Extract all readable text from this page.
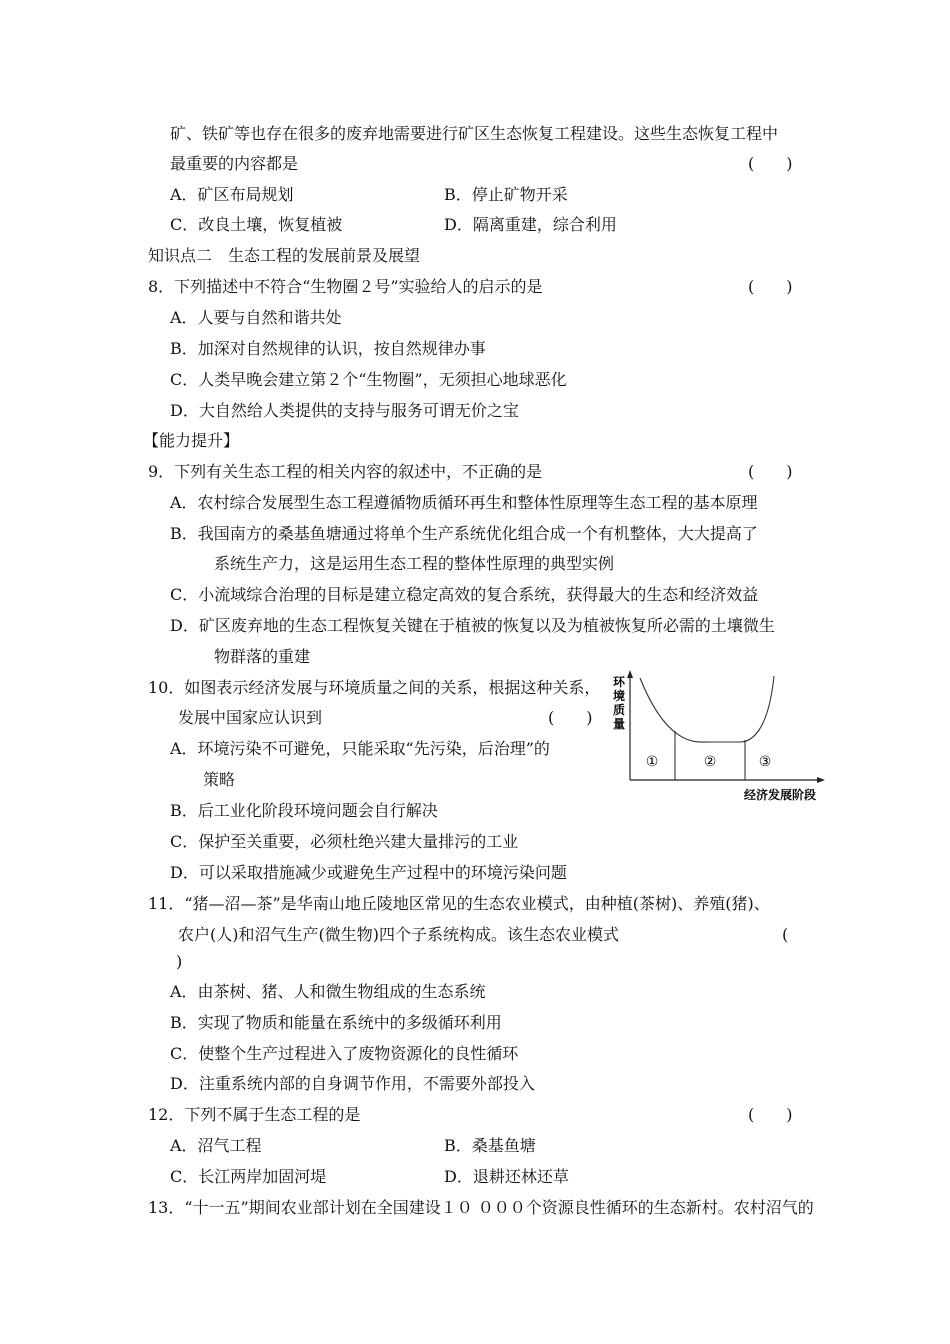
矿、铁矿等也存在很多的废弃地需要进行矿区生态恢复工程建设。这些生态恢复工程中
最重要的内容都是	(　　)
A．矿区布局规划	B．停止矿物开采
C．改良土壤，恢复植被	D．隔离重建，综合利用
知识点二　生态工程的发展前景及展望
8．下列描述中不符合“生物圈２号”实验给人的启示的是	(　　)
A．人要与自然和谐共处
B．加深对自然规律的认识，按自然规律办事
C．人类早晚会建立第２个“生物圈”，无须担心地球恶化
D．大自然给人类提供的支持与服务可谓无价之宝
【能力提升】
9．下列有关生态工程的相关内容的叙述中，不正确的是	(　　)
A．农村综合发展型生态工程遵循物质循环再生和整体性原理等生态工程的基本原理
B．我国南方的桑基鱼塘通过将单个生产系统优化组合成一个有机整体，大大提高了
系统生产力，这是运用生态工程的整体性原理的典型实例
C．小流域综合治理的目标是建立稳定高效的复合系统，获得最大的生态和经济效益
D．矿区废弃地的生态工程恢复关键在于植被的恢复以及为植被恢复所必需的土壤微生
物群落的重建
10．如图表示经济发展与环境质量之间的关系，根据这种关系，
发展中国家应认识到	(　　)
A．环境污染不可避免，只能采取“先污染，后治理”的
策略
B．后工业化阶段环境问题会自行解决
C．保护至关重要，必须杜绝兴建大量排污的工业
D．可以采取措施减少或避免生产过程中的环境污染问题
环
境
质
量
①	②	③
经济发展阶段
11．“猪—沼—茶”是华南山地丘陵地区常见的生态农业模式，由种植(茶树)、养殖(猪)、
农户(人)和沼气生产(微生物)四个子系统构成。该生态农业模式	(
)
A．由茶树、猪、人和微生物组成的生态系统
B．实现了物质和能量在系统中的多级循环利用
C．使整个生产过程进入了废物资源化的良性循环
D．注重系统内部的自身调节作用，不需要外部投入
12．下列不属于生态工程的是	(　　)
A．沼气工程	B．桑基鱼塘
C．长江两岸加固河堤	D．退耕还林还草
13．“十一五”期间农业部计划在全国建设１０ ０００个资源良性循环的生态新村。农村沼气的
